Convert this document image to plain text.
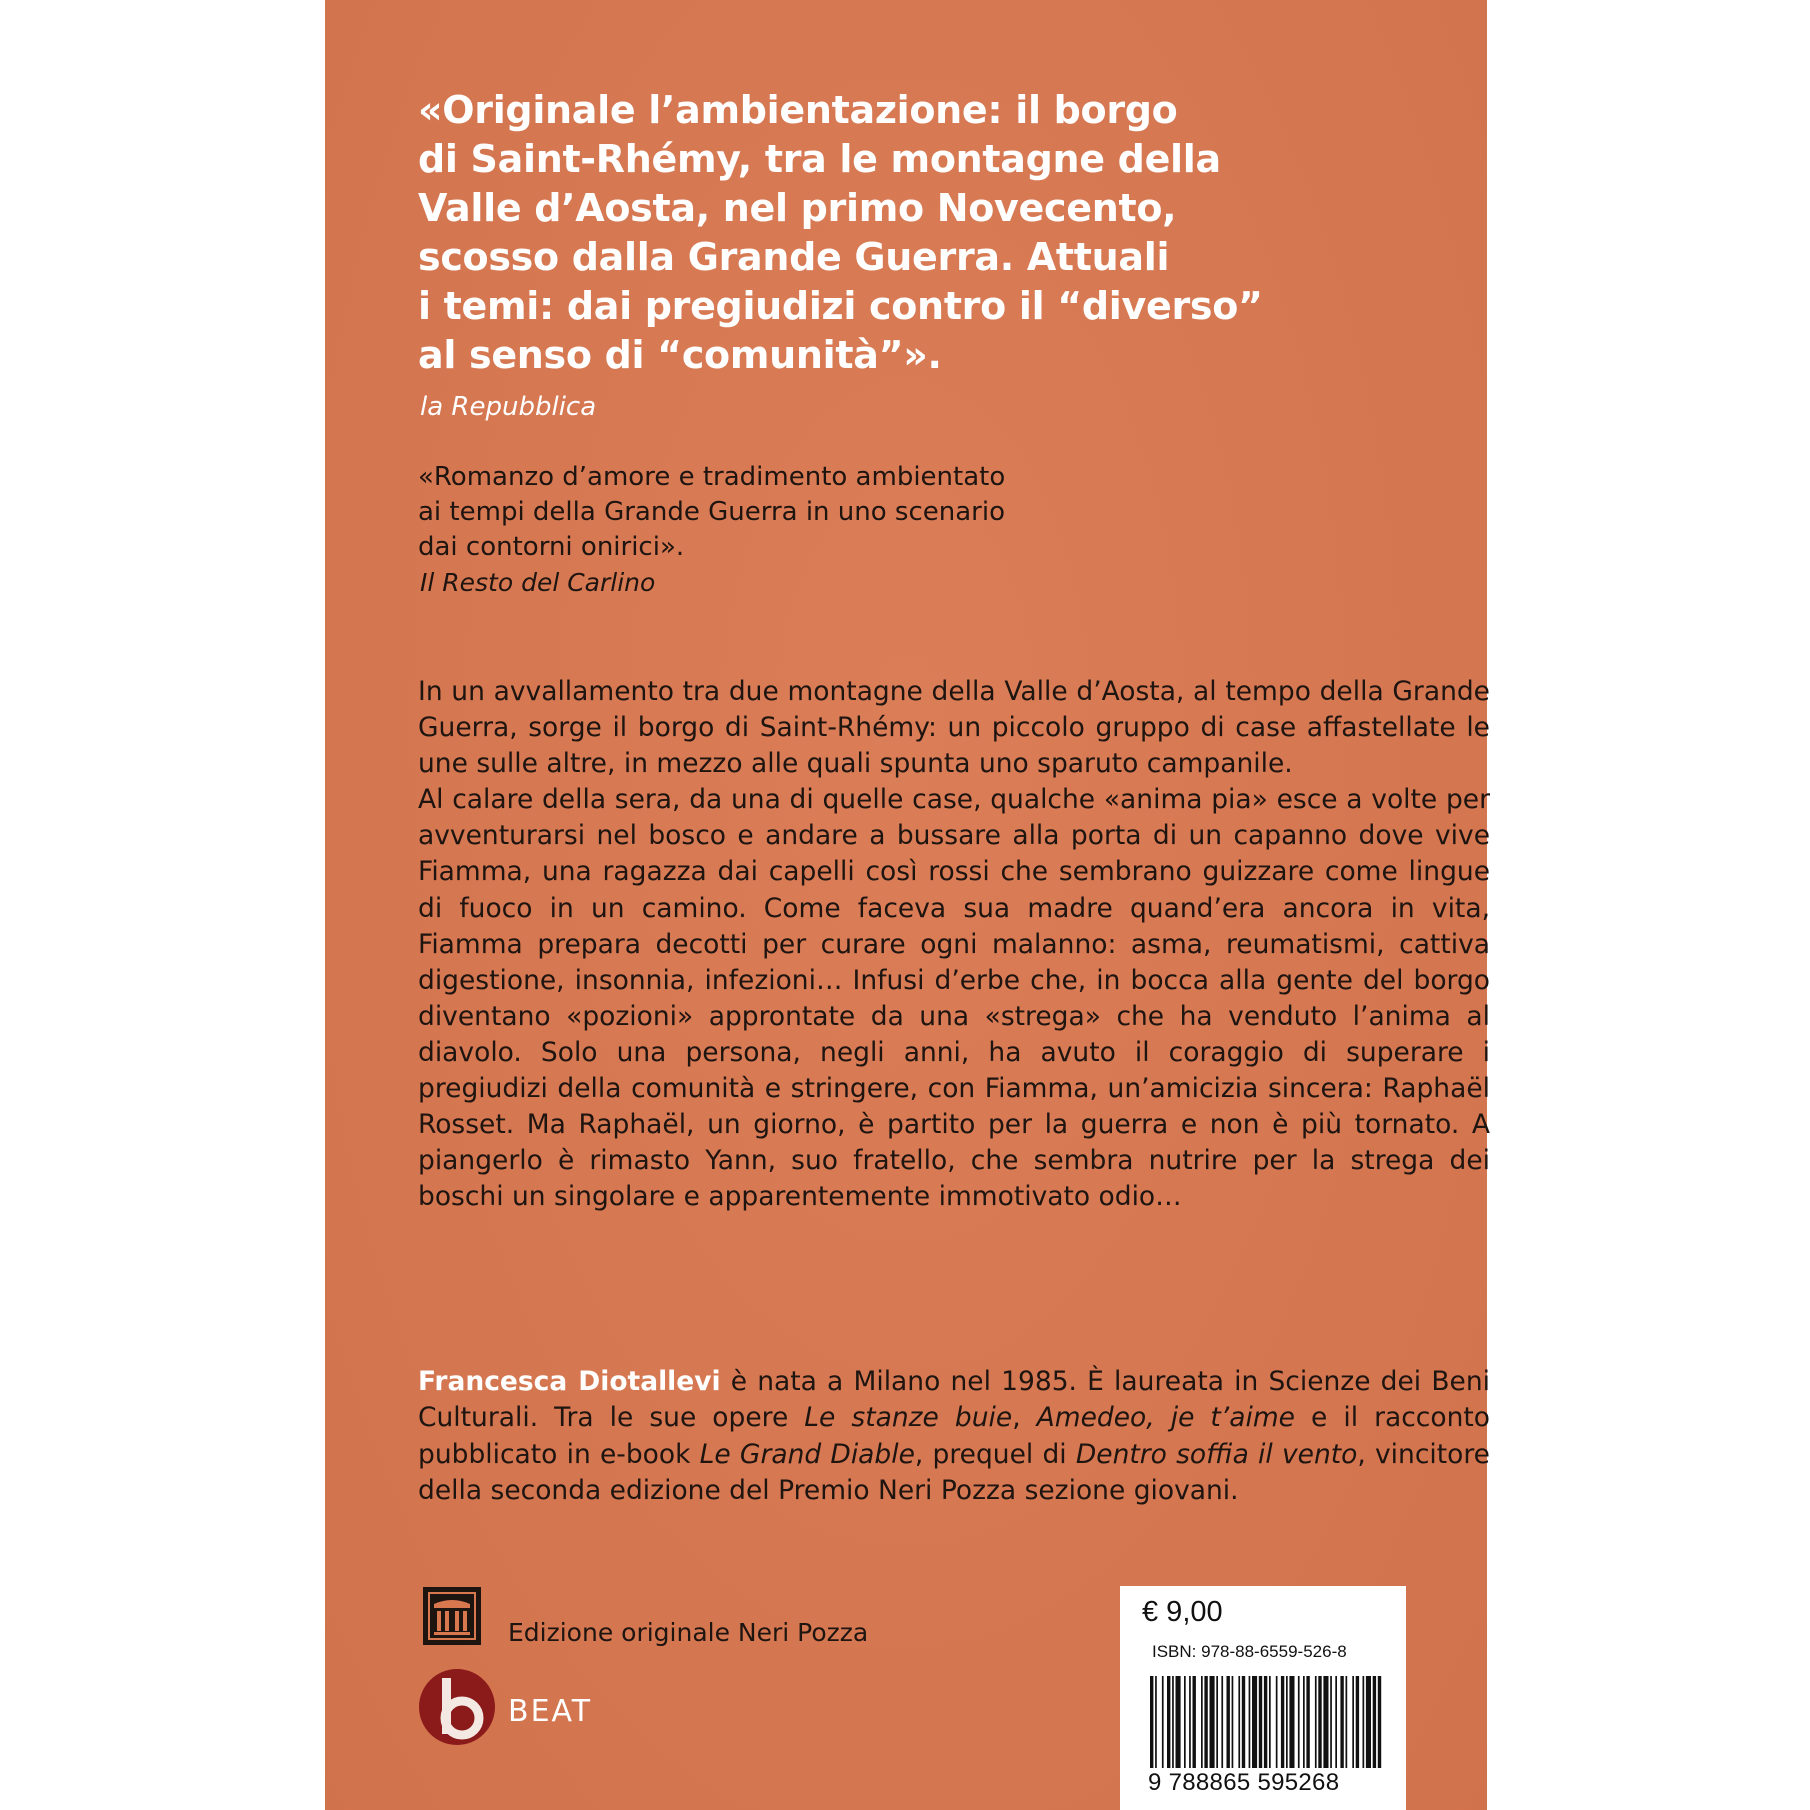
«Originale l’ambientazione: il borgo
di Saint-Rhémy, tra le montagne della
Valle d’Aosta, nel primo Novecento,
scosso dalla Grande Guerra. Attuali
i temi: dai pregiudizi contro il “diverso”
al senso di “comunità”».
la Repubblica
«Romanzo d’amore e tradimento ambientato
ai tempi della Grande Guerra in uno scenario
dai contorni onirici».
Il Resto del Carlino

In un avvallamento tra due montagne della Valle d’Aosta, al tempo della Grande Guerra, sorge il borgo di Saint-Rhémy: un piccolo gruppo di case affastellate le une sulle altre, in mezzo alle quali spunta uno sparuto campanile.

Al calare della sera, da una di quelle case, qualche «anima pia» esce a volte per avventurarsi nel bosco e andare a bussare alla porta di un capanno dove vive Fiamma, una ragazza dai capelli così rossi che sembrano guizzare come lingue di fuoco in un camino. Come faceva sua madre quand’era ancora in vita, Fiamma prepara decotti per curare ogni malanno: asma, reumatismi, cattiva digestione, insonnia, infezioni… Infusi d’erbe che, in bocca alla gente del borgo diventano «pozioni» approntate da una «strega» che ha venduto l’anima al diavolo. Solo una persona, negli anni, ha avuto il coraggio di superare i pregiudizi della comunità e stringere, con Fiamma, un’amicizia sincera: Raphaël Rosset. Ma Raphaël, un giorno, è partito per la guerra e non è più tornato. A piangerlo è rimasto Yann, suo fratello, che sembra nutrire per la strega dei boschi un singolare e apparentemente immotivato odio…

Francesca Diotallevi è nata a Milano nel 1985. È laureata in Scienze dei Beni Culturali. Tra le sue opere Le stanze buie, Amedeo, je t’aime e il racconto pubblicato in e-book Le Grand Diable, prequel di Dentro soffia il vento, vincitore della seconda edizione del Premio Neri Pozza sezione giovani.
Edizione originale Neri Pozza
BEAT
€ 9,00
ISBN: 978-88-6559-526-8
9 788865 595268
